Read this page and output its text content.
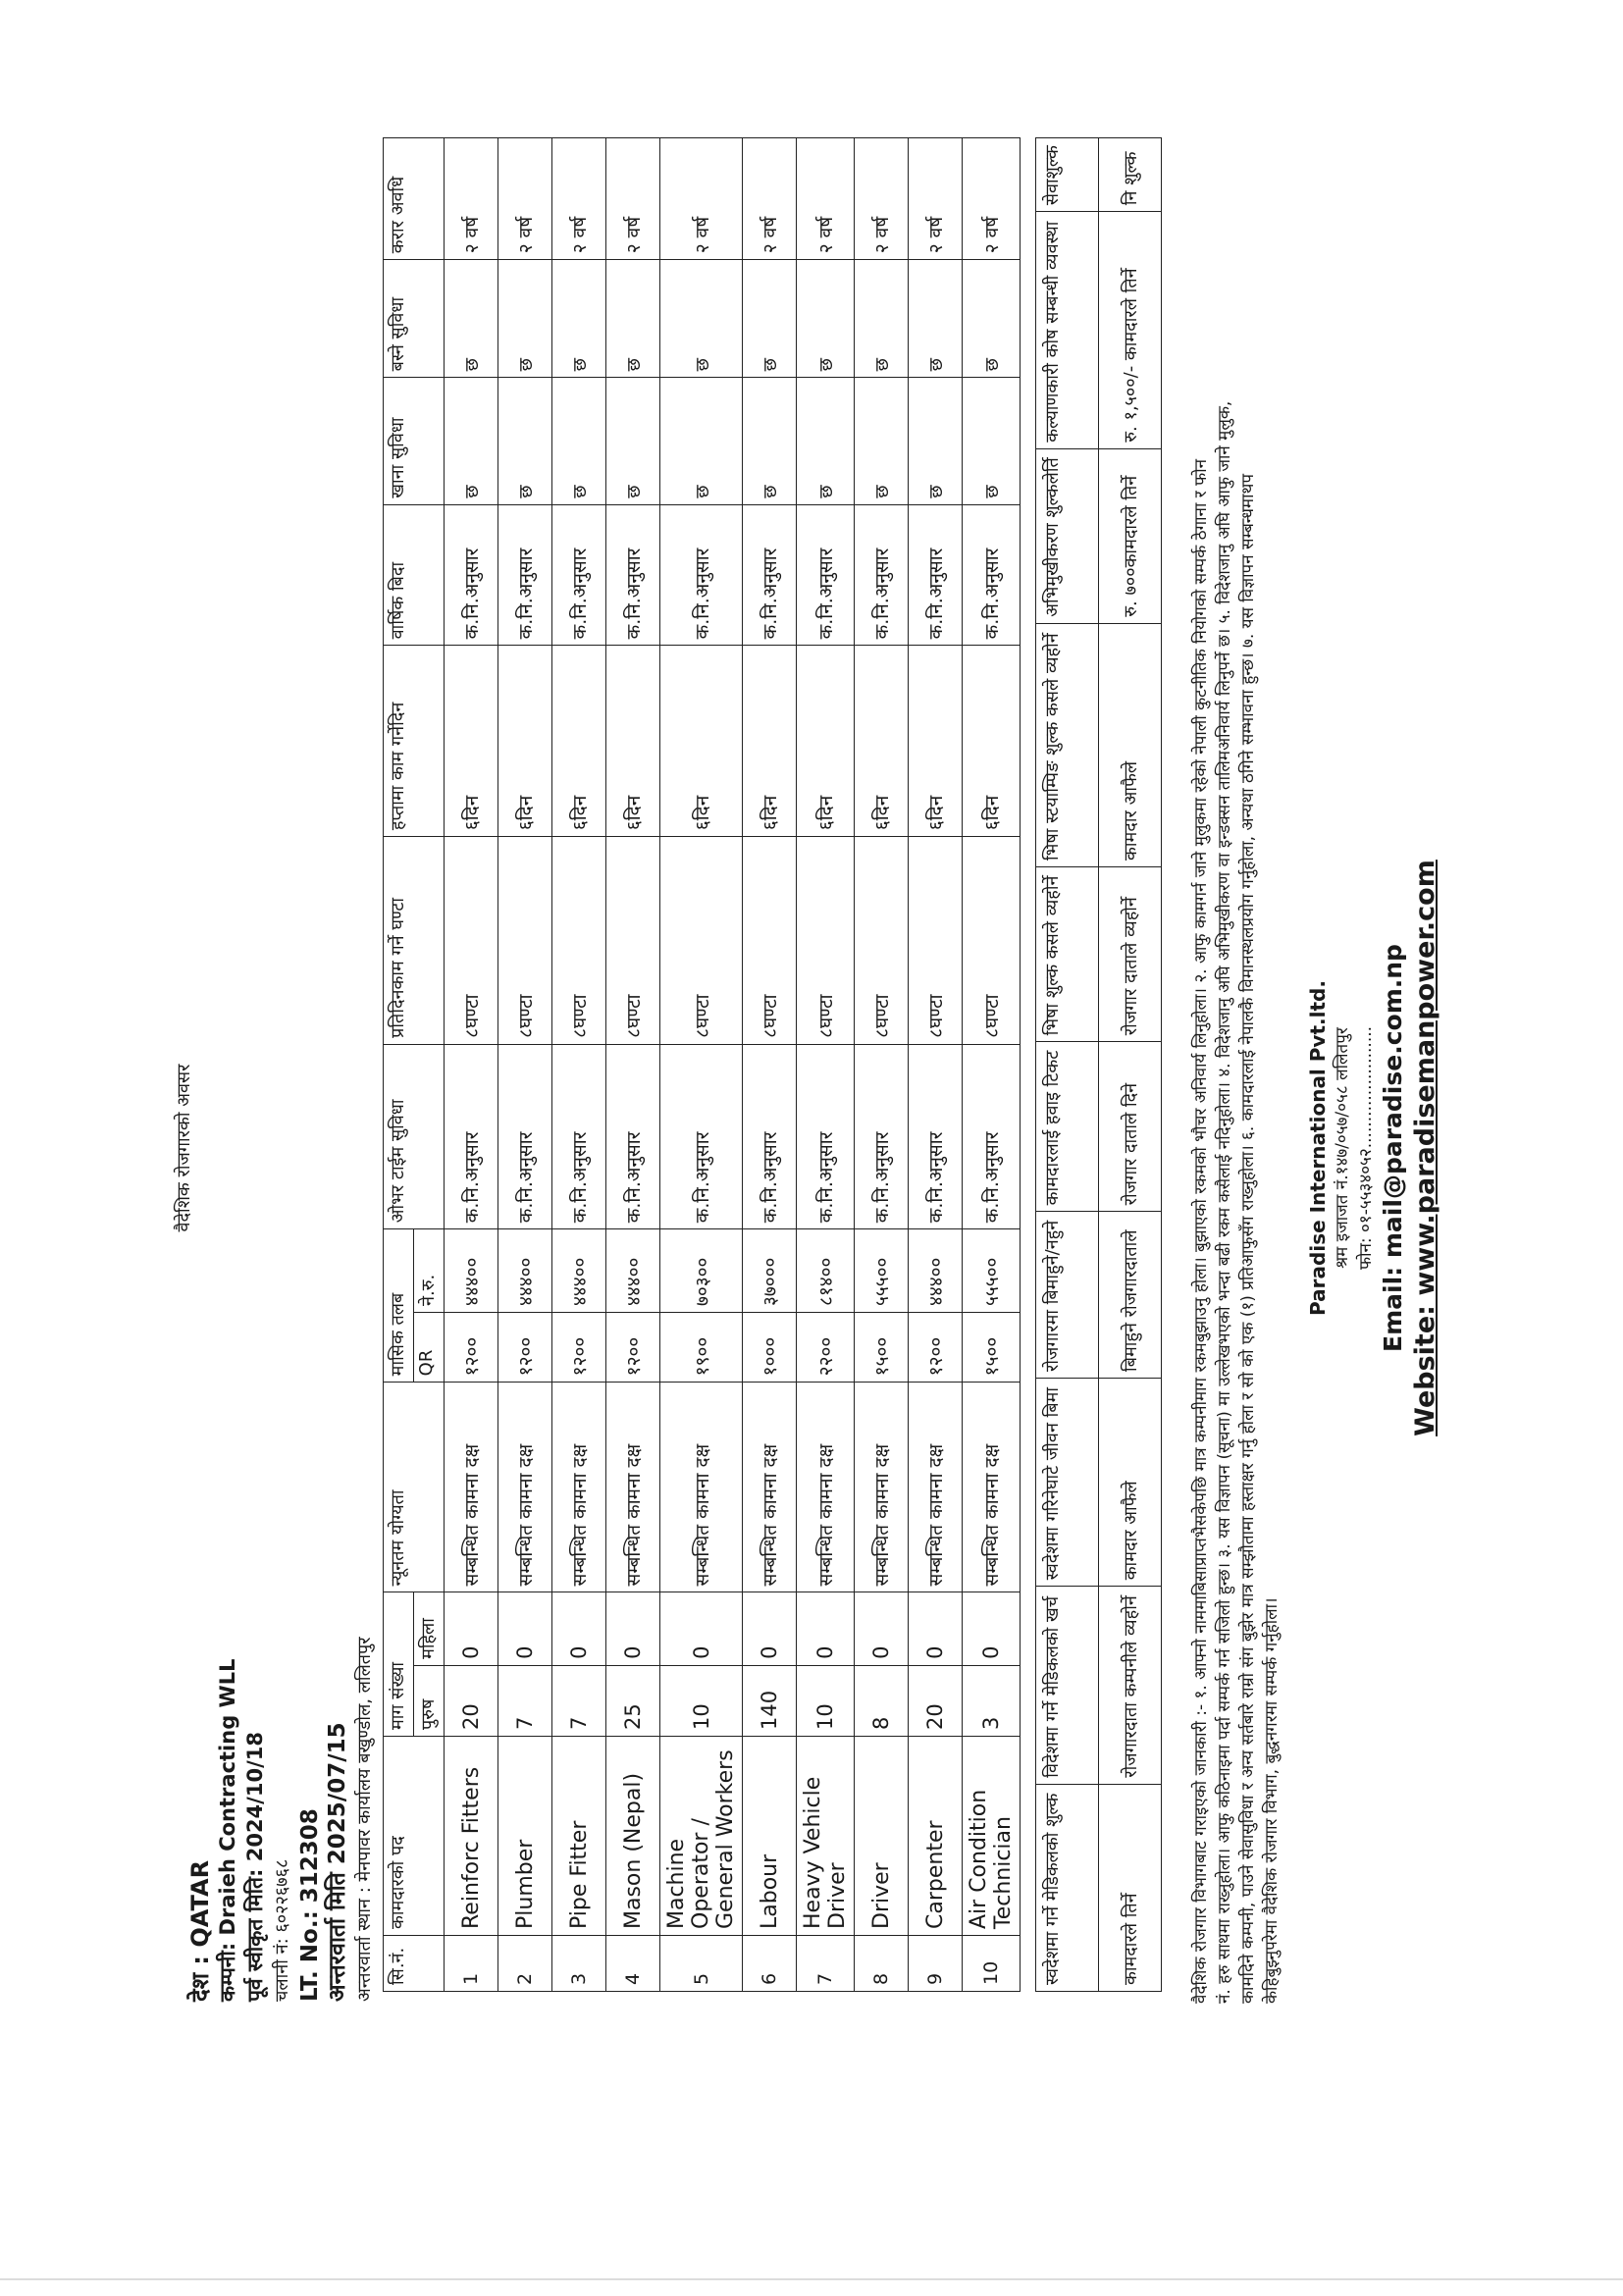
वैदेशिक रोजगारको अवसर
देश : QATAR कम्पनी: Draieh Contracting WLL पूर्व स्वीकृत मिति: 2024/10/18 चलानी नं: ६०२२६७६८ LT. No.: 312308 अन्तरवार्ता मिति 2025/07/15 अन्तरवार्ता स्थान : मेनपावर कार्यालय बखुण्डोल, ललितपुर सि.नं.	कामदारको पद	माग संख्या		न्यूनतम योग्यता	मासिक तलब		ओभर टाईम सुविधा	प्रतिदिनकाम गर्ने घण्टा	हप्तामा काम गर्नेदिन	वार्षिक बिदा	खाना सुविधा	बस्ने सुविधा	करार अवधि
		पुरुष	महिला		QR	ने.रु.							
1	Reinforc Fitters	20	0	सम्बन्धित कामना दक्ष	१२००	४४४००	क.नि.अनुसार	८घण्टा	६दिन	क.नि.अनुसार	छ	छ	२ वर्ष
2	Plumber	7	0	सम्बन्धित कामना दक्ष	१२००	४४४००	क.नि.अनुसार	८घण्टा	६दिन	क.नि.अनुसार	छ	छ	२ वर्ष
3	Pipe Fitter	7	0	सम्बन्धित कामना दक्ष	१२००	४४४००	क.नि.अनुसार	८घण्टा	६दिन	क.नि.अनुसार	छ	छ	२ वर्ष
4	Mason (Nepal)	25	0	सम्बन्धित कामना दक्ष	१२००	४४४००	क.नि.अनुसार	८घण्टा	६दिन	क.नि.अनुसार	छ	छ	२ वर्ष
5	Machine Operator / General Workers	10	0	सम्बन्धित कामना दक्ष	१९००	७०३००	क.नि.अनुसार	८घण्टा	६दिन	क.नि.अनुसार	छ	छ	२ वर्ष
6	Labour	140	0	सम्बन्धित कामना दक्ष	१०००	३७०००	क.नि.अनुसार	८घण्टा	६दिन	क.नि.अनुसार	छ	छ	२ वर्ष
7	Heavy Vehicle Driver	10	0	सम्बन्धित कामना दक्ष	२२००	८१४००	क.नि.अनुसार	८घण्टा	६दिन	क.नि.अनुसार	छ	छ	२ वर्ष
8	Driver	8	0	सम्बन्धित कामना दक्ष	१५००	५५५००	क.नि.अनुसार	८घण्टा	६दिन	क.नि.अनुसार	छ	छ	२ वर्ष
9	Carpenter	20	0	सम्बन्धित कामना दक्ष	१२००	४४४००	क.नि.अनुसार	८घण्टा	६दिन	क.नि.अनुसार	छ	छ	२ वर्ष
10	Air Condition Technician	3	0	सम्बन्धित कामना दक्ष	१५००	५५५००	क.नि.अनुसार	८घण्टा	६दिन	क.नि.अनुसार	छ	छ	२ वर्ष
स्वदेशमा गर्ने मेडिकलको शुल्क	विदेशमा गर्ने मेडिकलको खर्च	स्वदेशमा गरिनेघाटे जीवन बिमा	रोजगारमा बिमाहुने/नहुने	कामदारलाई हवाइ टिकट	भिषा शुल्क कसले व्यहोर्ने	भिषा स्टयाम्पिङ शुल्क कसले व्यहोर्ने	अभिमुखीकरण शुल्कलेर्ति	कल्याणकारी कोष सम्बन्धी व्यवस्था	सेवाशुल्क
कामदारले तिर्ने	रोजगारदाता कम्पनीले व्यहोर्ने	कामदार आफैले	बिमाहुने रोजगारदाताले	रोजगार दाताले दिने	रोजगार दाताले व्यहोर्ने	कामदार आफैले	रु. ७००कामदारले तिर्ने	रु. १,५००/- कामदारले तिर्ने	नि शुल्क
वैदेशिक रोजगार विभागबाट गराइएको जानकारी :- १. आफ्नो नाममाबिसाप्राप्तभैसकेपछि मात्र कम्पनीमाग रकमबुझाउनु होला। बुझाएको रकमको भौचर अनिवार्य लिनुहोला। २. आफु कामगर्न जाने मुलुकमा रहेको नेपाली कुटनीतिक नियोगको सम्पर्क ठेगाना र फोन नं. हरु साथमा राख्नुहोला। आफु कठिनाइमा पर्दा सम्पर्क गर्न सजिलो हुन्छ। ३. यस विज्ञापन (सूचना) मा उल्लेखभएको भन्दा बढी रकम कसैलाई नदिनुहोला। ४. विदेशजानु अघि अभिमुखीकरण वा इन्डक्सन तालिमअनिवार्य लिनुपर्ने छ। ५. विदेशजानु अघि आफु जाने मुलुक, कामदिने कम्पनी, पाउने सेवासुविधा र अन्य सर्तबारे राम्रो संग बुझेर मात्र सम्झौतामा हस्ताक्षर गर्नु होला र सो को एक (१) प्रतिआफुसँग राख्नुहोला। ६. कामदारलाई नेपालकै विमानस्थलप्रयोग गर्नुहोला, अन्यथा ठगिने सम्भावना हुन्छ। ७. यस विज्ञापन सम्बन्धमाथप केहिबुझ्नुपरेमा वैदेशिक रोजगार विभाग, बुद्धनगरमा सम्पर्क गर्नुहोला।
Paradise International Pvt.ltd. श्रम इजाजत नं.१४७/०५७/०५८ ललितपुर फोन: ०१-५५३४०५२....................... Email: mail@paradise.com.np Website: www.paradisemanpower.com
